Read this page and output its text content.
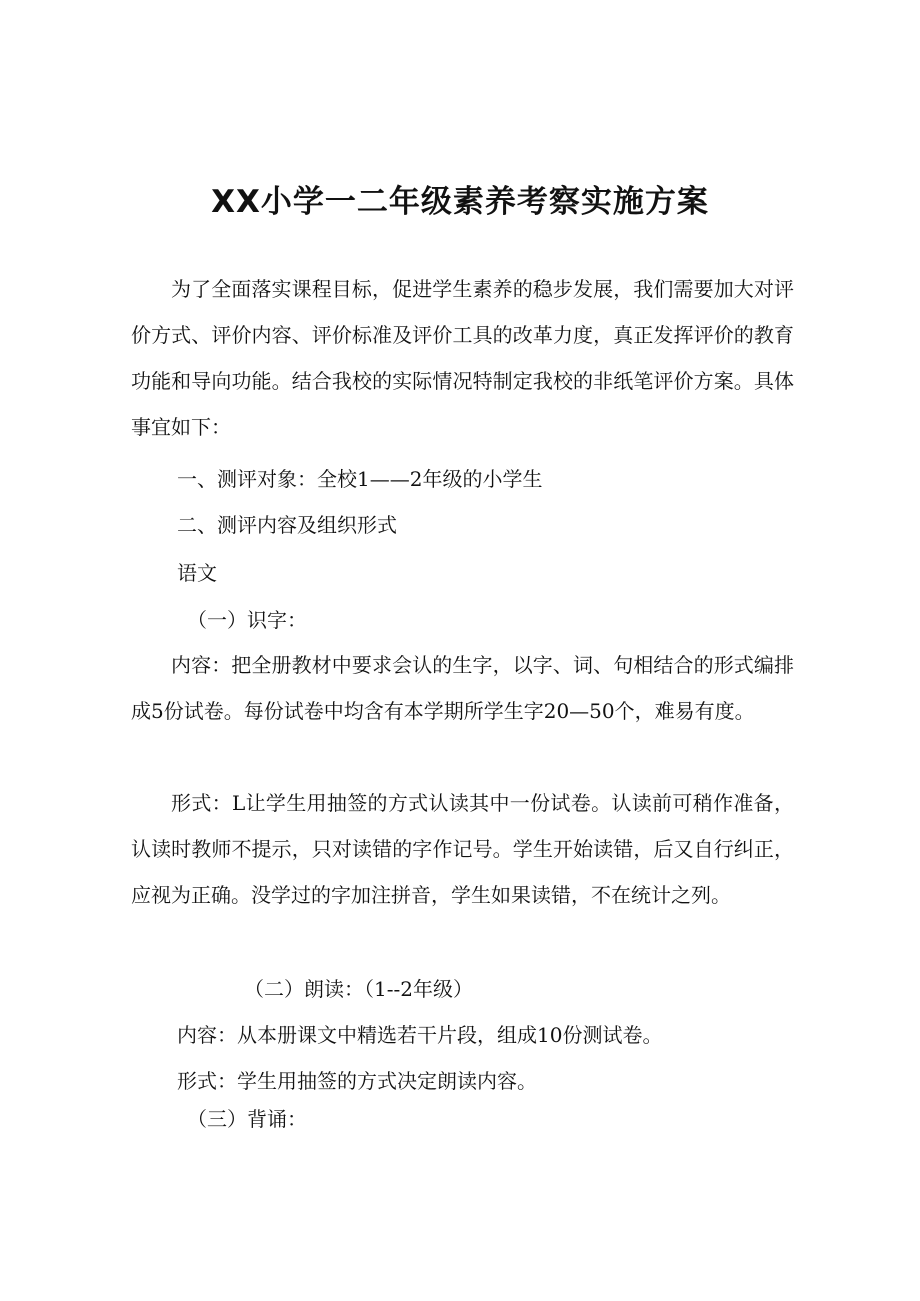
XX小学一二年级素养考察实施方案

为了全面落实课程目标，促进学生素养的稳步发展，我们需要加大对评价方式、评价内容、评价标准及评价工具的改革力度，真正发挥评价的教育功能和导向功能。结合我校的实际情况特制定我校的非纸笔评价方案。具体事宜如下：

一、测评对象：全校1——2年级的小学生

二、测评内容及组织形式

语文

（一）识字：

内容：把全册教材中要求会认的生字，以字、词、句相结合的形式编排成5份试卷。每份试卷中均含有本学期所学生字20—50个，难易有度。

形式：L让学生用抽签的方式认读其中一份试卷。认读前可稍作准备，认读时教师不提示，只对读错的字作记号。学生开始读错，后又自行纠正，应视为正确。没学过的字加注拼音，学生如果读错，不在统计之列。

（二）朗读：（1--2年级）

内容：从本册课文中精选若干片段，组成10份测试卷。

形式：学生用抽签的方式决定朗读内容。

（三）背诵：
